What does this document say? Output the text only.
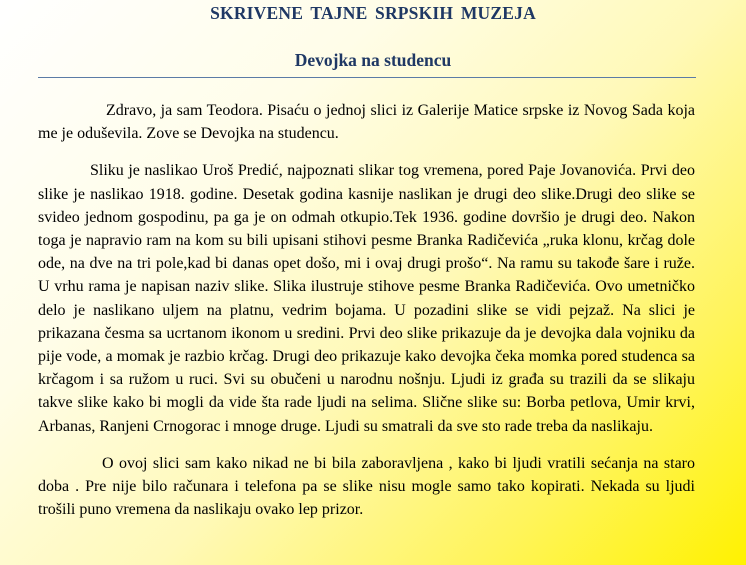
SKRIVENE TAJNE SRPSKIH MUZEJA
Devojka na studencu

Zdravo, ja sam Teodora. Pisaću o jednoj slici iz Galerije Matice srpske iz Novog Sada koja me je oduševila. Zove se Devojka na studencu.

Sliku je naslikao Uroš Predić, najpoznati slikar tog vremena, pored Paje Jovanovića. Prvi deo slike je naslikao 1918. godine. Desetak godina kasnije naslikan je drugi deo slike.Drugi deo slike se svideo jednom gospodinu, pa ga je on odmah otkupio.Tek 1936. godine dovršio je drugi deo. Nakon toga je napravio ram na kom su bili upisani stihovi pesme Branka Radičevića „ruka klonu, krčag dole ode, na dve na tri pole,kad bi danas opet došo, mi i ovaj drugi prošo“. Na ramu su takođe šare i ruže. U vrhu rama je napisan naziv slike. Slika ilustruje stihove pesme Branka Radičevića. Ovo umetničko delo je naslikano uljem na platnu, vedrim bojama. U pozadini slike se vidi pejzaž. Na slici je prikazana česma sa ucrtanom ikonom u sredini. Prvi deo slike prikazuje da je devojka dala vojniku da pije vode, a momak je razbio krčag. Drugi deo prikazuje kako devojka čeka momka pored studenca sa krčagom i sa ružom u ruci. Svi su obučeni u narodnu nošnju. Ljudi iz građa su trazili da se slikaju takve slike kako bi mogli da vide šta rade ljudi na selima. Slične slike su: Borba petlova, Umir krvi, Arbanas, Ranjeni Crnogorac i mnoge druge. Ljudi su smatrali da sve sto rade treba da naslikaju.

O ovoj slici sam kako nikad ne bi bila zaboravljena , kako bi ljudi vratili sećanja na staro doba . Pre nije bilo računara i telefona pa se slike nisu mogle samo tako kopirati. Nekada su ljudi trošili puno vremena da naslikaju ovako lep prizor.
